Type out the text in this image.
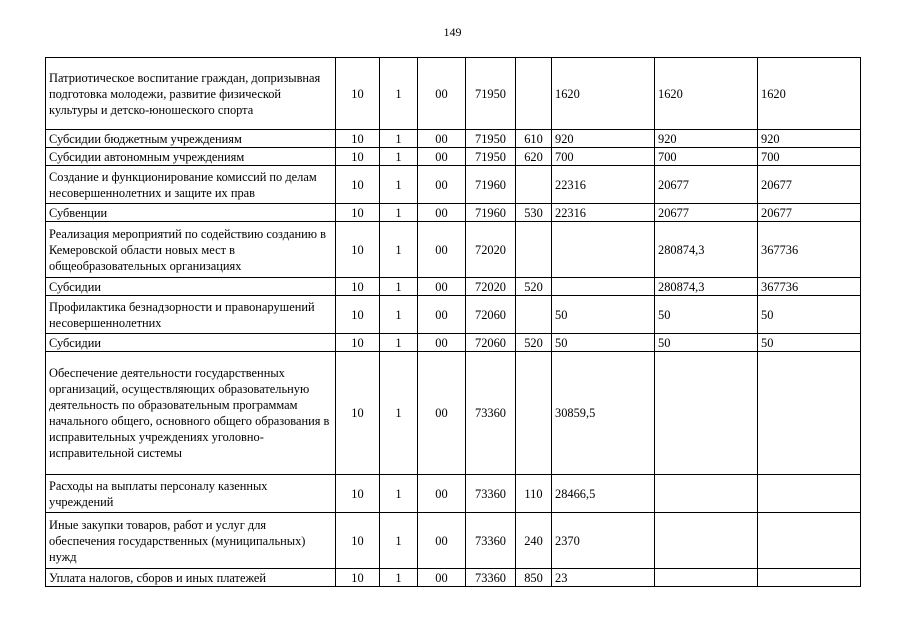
149
Патриотическое воспитание граждан, допризывная подготовка молодежи, развитие физической культуры и детско-юношеского спорта	10	1	00	71950		1620	1620	1620
Субсидии бюджетным учреждениям	10	1	00	71950	610	920	920	920
Субсидии автономным учреждениям	10	1	00	71950	620	700	700	700
Создание и функционирование комиссий по делам несовершеннолетних и защите их прав	10	1	00	71960		22316	20677	20677
Субвенции	10	1	00	71960	530	22316	20677	20677
Реализация мероприятий по содействию созданию в Кемеровской области новых мест в общеобразовательных организациях	10	1	00	72020			280874,3	367736
Субсидии	10	1	00	72020	520		280874,3	367736
Профилактика безнадзорности и правонарушений несовершеннолетних	10	1	00	72060		50	50	50
Субсидии	10	1	00	72060	520	50	50	50
Обеспечение деятельности государственных организаций, осуществляющих образовательную деятельность по образовательным программам начального общего, основного общего образования в исправительных учреждениях уголовно-исправительной системы	10	1	00	73360		30859,5		
Расходы на выплаты персоналу казенных учреждений	10	1	00	73360	110	28466,5		
Иные закупки товаров, работ и услуг для обеспечения государственных (муниципальных) нужд	10	1	00	73360	240	2370		
Уплата налогов, сборов и иных платежей	10	1	00	73360	850	23		
